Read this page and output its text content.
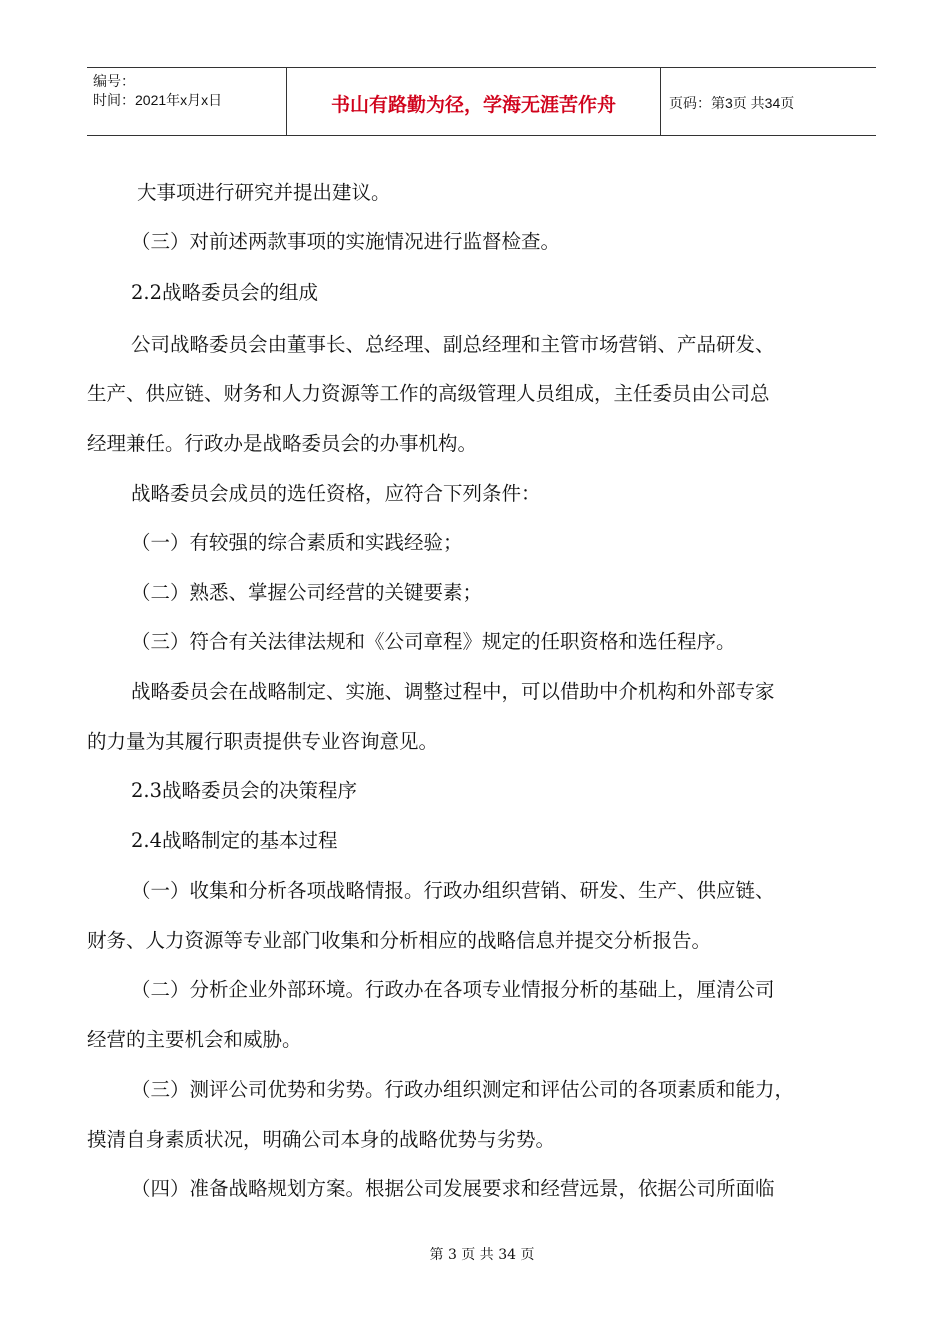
编号：
时间：2021年x月x日	书山有路勤为径，学海无涯苦作舟	页码：第3页 共34页
大事项进行研究并提出建议。
（三）对前述两款事项的实施情况进行监督检查。
2.2战略委员会的组成
公司战略委员会由董事长、总经理、副总经理和主管市场营销、产品研发、
生产、供应链、财务和人力资源等工作的高级管理人员组成，主任委员由公司总
经理兼任。行政办是战略委员会的办事机构。
战略委员会成员的选任资格，应符合下列条件：
（一）有较强的综合素质和实践经验；
（二）熟悉、掌握公司经营的关键要素；
（三）符合有关法律法规和《公司章程》规定的任职资格和选任程序。
战略委员会在战略制定、实施、调整过程中，可以借助中介机构和外部专家
的力量为其履行职责提供专业咨询意见。
2.3战略委员会的决策程序
2.4战略制定的基本过程
（一）收集和分析各项战略情报。行政办组织营销、研发、生产、供应链、
财务、人力资源等专业部门收集和分析相应的战略信息并提交分析报告。
（二）分析企业外部环境。行政办在各项专业情报分析的基础上，厘清公司
经营的主要机会和威胁。
（三）测评公司优势和劣势。行政办组织测定和评估公司的各项素质和能力，
摸清自身素质状况，明确公司本身的战略优势与劣势。
（四）准备战略规划方案。根据公司发展要求和经营远景，依据公司所面临
第 3 页 共 34 页
